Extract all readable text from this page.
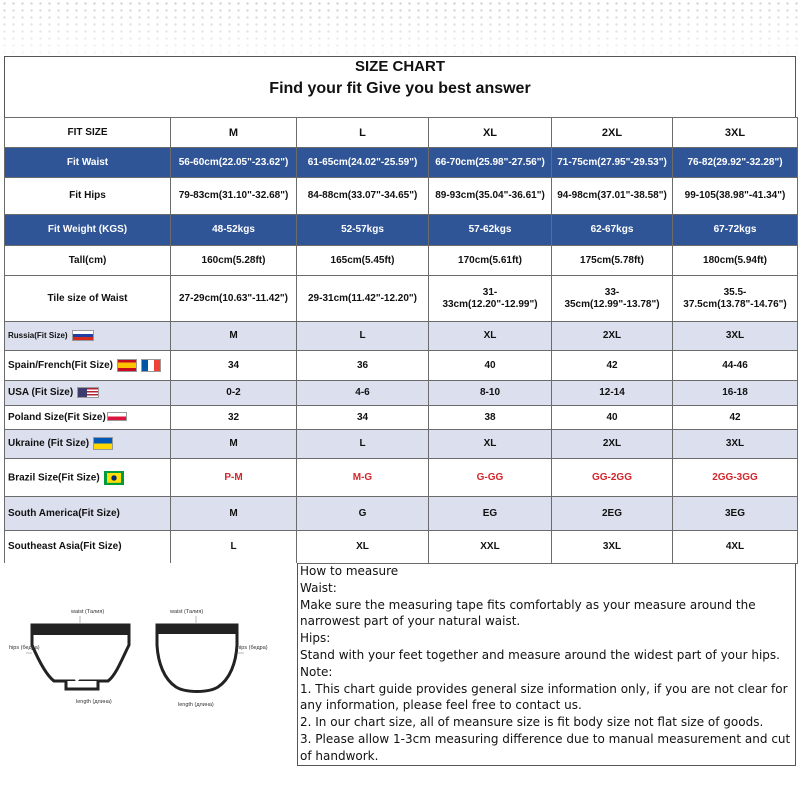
SIZE CHART
Find your fit Give you best answer
FIT SIZE	M	L	XL	2XL	3XL
Fit Waist	56-60cm(22.05"-23.62")	61-65cm(24.02"-25.59")	66-70cm(25.98"-27.56")	71-75cm(27.95"-29.53")	76-82(29.92"-32.28")
Fit Hips	79-83cm(31.10"-32.68")	84-88cm(33.07"-34.65")	89-93cm(35.04"-36.61")	94-98cm(37.01"-38.58")	99-105(38.98"-41.34")
Fit Weight (KGS)	48-52kgs	52-57kgs	57-62kgs	62-67kgs	67-72kgs
Tall(cm)	160cm(5.28ft)	165cm(5.45ft)	170cm(5.61ft)	175cm(5.78ft)	180cm(5.94ft)
Tile size of Waist	27-29cm(10.63"-11.42")	29-31cm(11.42"-12.20")	31-33cm(12.20"-12.99")	33-35cm(12.99"-13.78")	35.5-37.5cm(13.78"-14.76")
Russia(Fit Size)	M	L	XL	2XL	3XL
Spain/French(Fit Size)	34	36	40	42	44-46
USA (Fit Size)	0-2	4-6	8-10	12-14	16-18
Poland Size(Fit Size)	32	34	38	40	42
Ukraine (Fit Size)	M	L	XL	2XL	3XL
Brazil Size(Fit Size)	P-M	M-G	G-GG	GG-2GG	2GG-3GG
South America(Fit Size)	M	G	EG	2EG	3EG
Southeast Asia(Fit Size)	L	XL	XXL	3XL	4XL
waist (Талия)	waist (Талия)
hips (бедра)	hips (бедра)
length (длина)	length (длина)
How to measure
Waist:
Make sure the measuring tape fits comfortably as your measure around the narrowest part of your natural waist.
Hips:
Stand with your feet together and measure around the widest part of your hips.
Note:
1. This chart guide provides general size information only, if you are not clear for any information, please feel free to contact us.
2. In our chart size, all of meansure size is fit body size not flat size of goods.
3. Please allow 1-3cm measuring difference due to manual measurement and cut of handwork.
